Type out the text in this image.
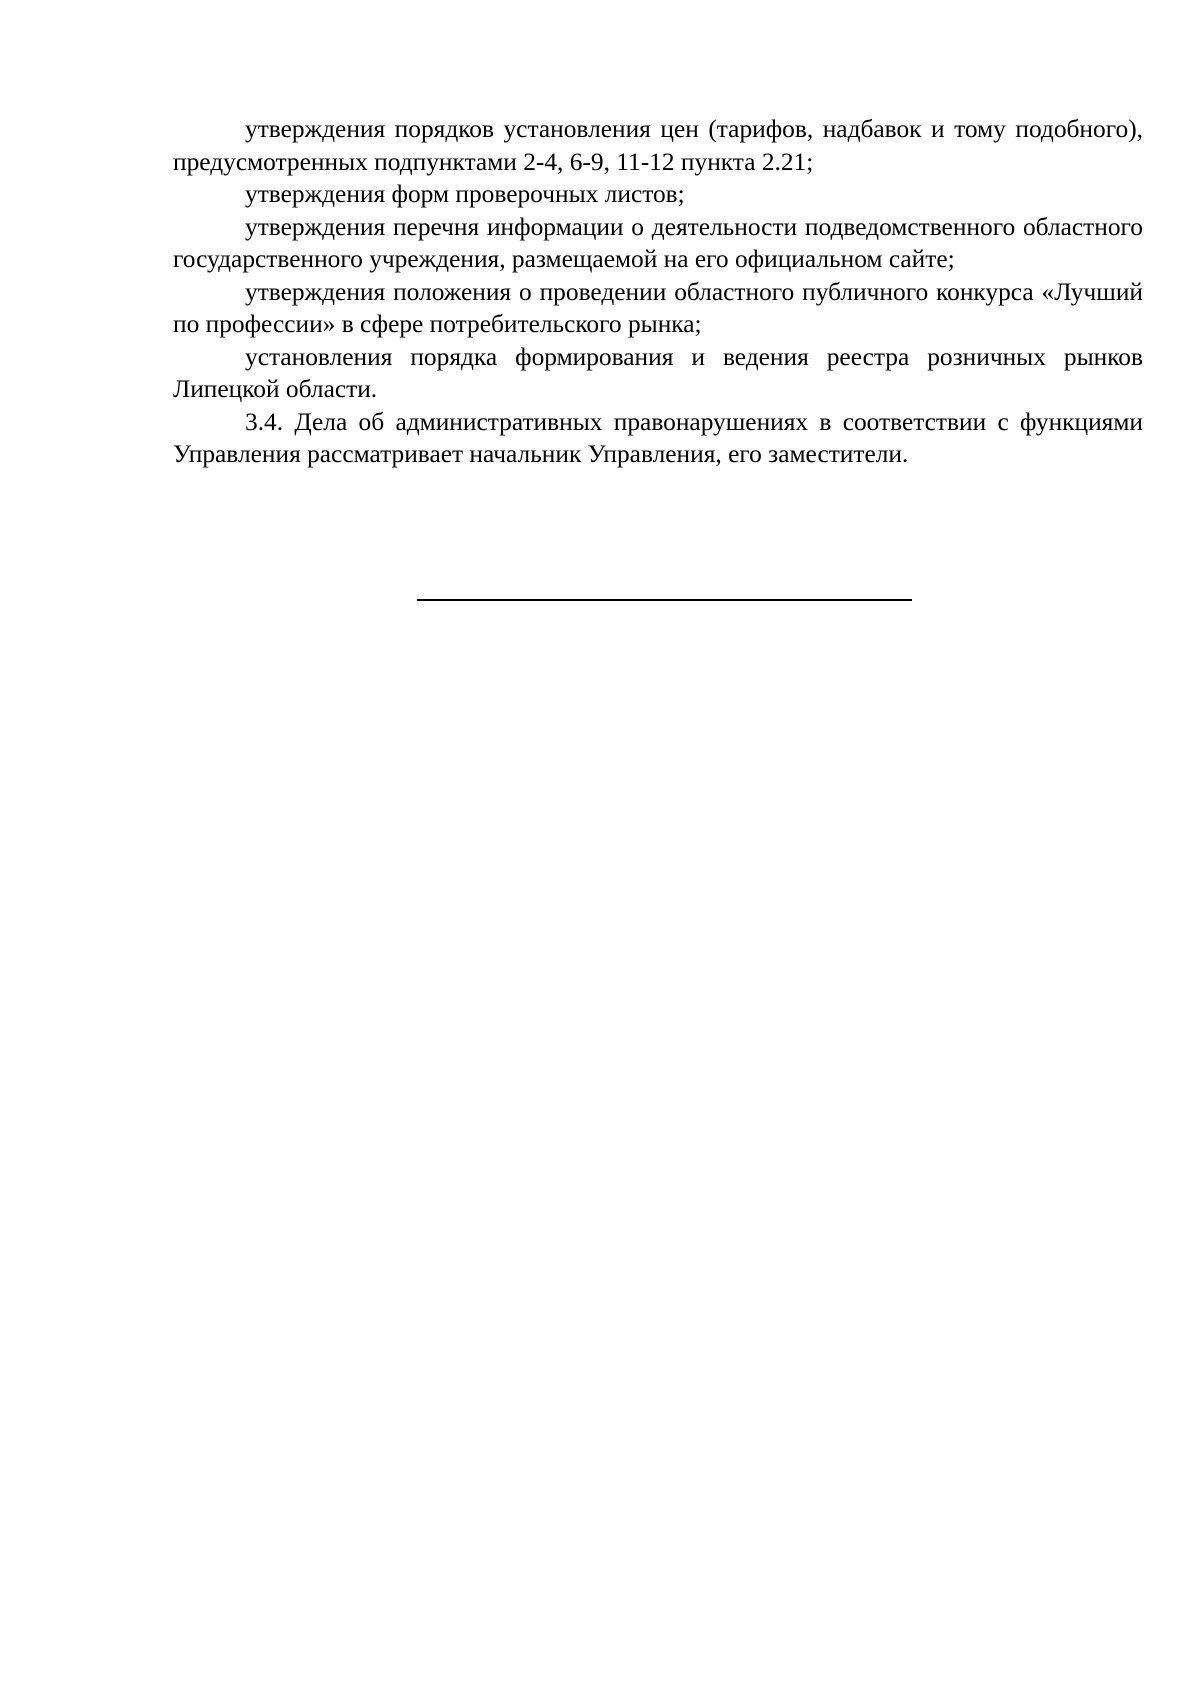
утверждения порядков установления цен (тарифов, надбавок и тому подобного), предусмотренных подпунктами 2-4, 6-9, 11-12 пункта 2.21;

утверждения форм проверочных листов;

утверждения перечня информации о деятельности подведомственного областного государственного учреждения, размещаемой на его официальном сайте;

утверждения положения о проведении областного публичного конкурса «Лучший по профессии» в сфере потребительского рынка;

установления порядка формирования и ведения реестра розничных рынков Липецкой области.

3.4. Дела об административных правонарушениях в соответствии с функциями Управления рассматривает начальник Управления, его заместители.
